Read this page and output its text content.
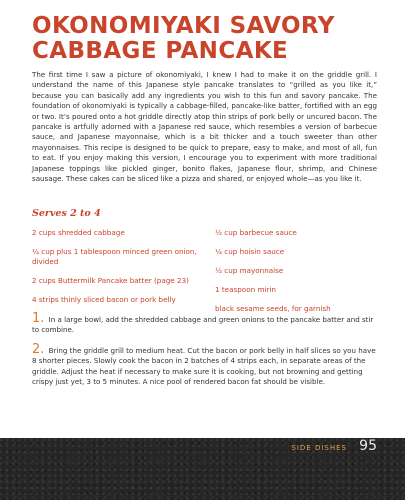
OKONOMIYAKI SAVORY CABBAGE PANCAKE

The first time I saw a picture of okonomiyaki, I knew I had to make it on the griddle grill. I understand the name of this Japanese style pancake translates to “grilled as you like it,” because you can basically add any ingredients you wish to this fun and savory pancake. The foundation of okonomiyaki is typically a cabbage-filled, pancake-like batter, fortified with an egg or two. It’s poured onto a hot griddle directly atop thin strips of pork belly or uncured bacon. The pancake is artfully adorned with a Japanese red sauce, which resembles a version of barbecue sauce, and Japanese mayonnaise, which is a bit thicker and a touch sweeter than other mayonnaises. This recipe is designed to be quick to prepare, easy to make, and most of all, fun to eat. If you enjoy making this version, I encourage you to experiment with more traditional Japanese toppings like pickled ginger, bonito flakes, Japanese flour, shrimp, and Chinese sausage. These cakes can be sliced like a pizza and shared, or enjoyed whole—as you like it.

Serves 2 to 4
2 cups shredded cabbage
¼ cup plus 1 tablespoon minced green onion, divided
2 cups Buttermilk Pancake batter (page 23)
4 strips thinly sliced bacon or pork belly
½ cup barbecue sauce
¼ cup hoisin sauce
½ cup mayonnaise
1 teaspoon mirin
black sesame seeds, for garnish

1. In a large bowl, add the shredded cabbage and green onions to the pancake batter and stir to combine.

2. Bring the griddle grill to medium heat. Cut the bacon or pork belly in half slices so you have 8 shorter pieces. Slowly cook the bacon in 2 batches of 4 strips each, in separate areas of the griddle. Adjust the heat if necessary to make sure it is cooking, but not browning and getting crispy just yet, 3 to 5 minutes. A nice pool of rendered bacon fat should be visible.

SIDE DISHES 95
